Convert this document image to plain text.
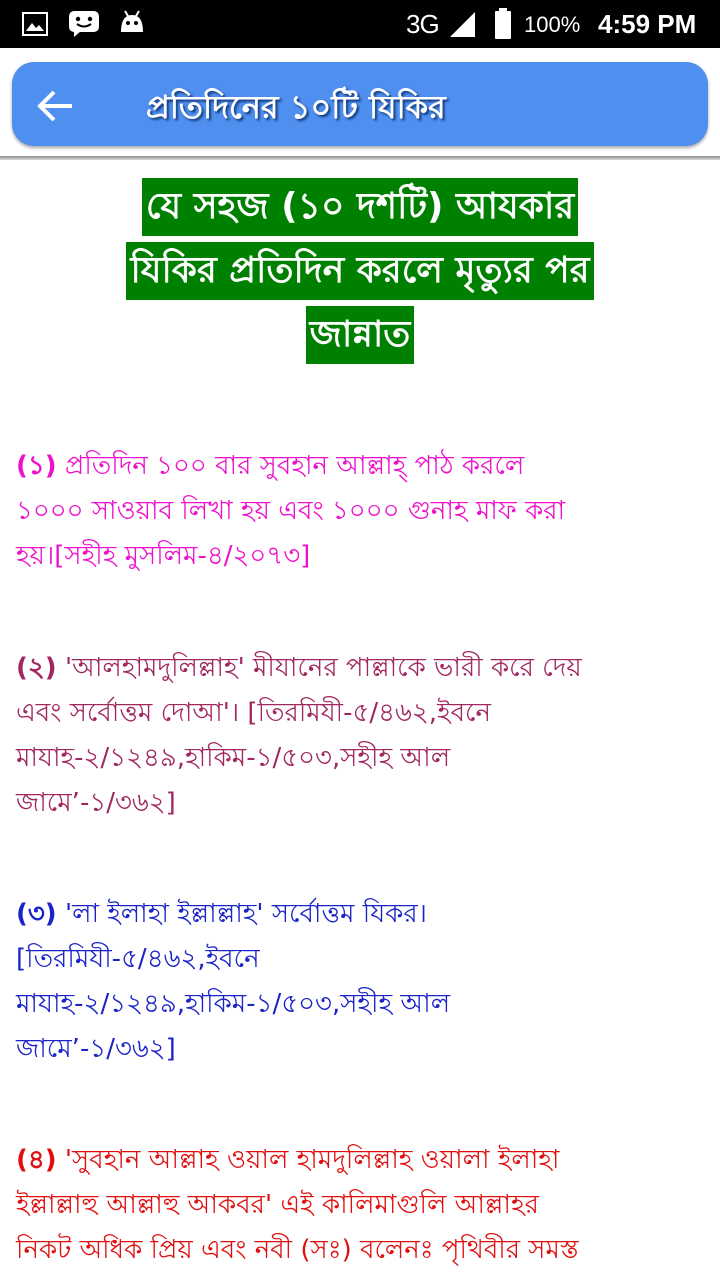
3G	100% 4:59 PM
প্রতিদিনের ১০টি যিকির
যে সহজ (১০ দশটি) আযকার
যিকির প্রতিদিন করলে মৃত্যুর পর
জান্নাত
(১) প্রতিদিন ১০০ বার সুবহান আল্লাহ্ পাঠ করলে
১০০০ সাওয়াব লিখা হয় এবং ১০০০ গুনাহ মাফ করা
হয়।[সহীহ মুসলিম-৪/২০৭৩]
(২) 'আলহামদুলিল্লাহ' মীযানের পাল্লাকে ভারী করে দেয়
এবং সর্বোত্তম দোআ'। [তিরমিযী-৫/৪৬২,ইবনে
মাযাহ-২/১২৪৯,হাকিম-১/৫০৩,সহীহ আল
জামে’-১/৩৬২]
(৩) 'লা ইলাহা ইল্লাল্লাহ' সর্বোত্তম যিকর।
[তিরমিযী-৫/৪৬২,ইবনে
মাযাহ-২/১২৪৯,হাকিম-১/৫০৩,সহীহ আল
জামে’-১/৩৬২]
(৪) 'সুবহান আল্লাহ ওয়াল হামদুলিল্লাহ ওয়ালা ইলাহা
ইল্লাল্লাহু আল্লাহু আকবর' এই কালিমাগুলি আল্লাহর
নিকট অধিক প্রিয় এবং নবী (সঃ) বলেনঃ পৃথিবীর সমস্ত
